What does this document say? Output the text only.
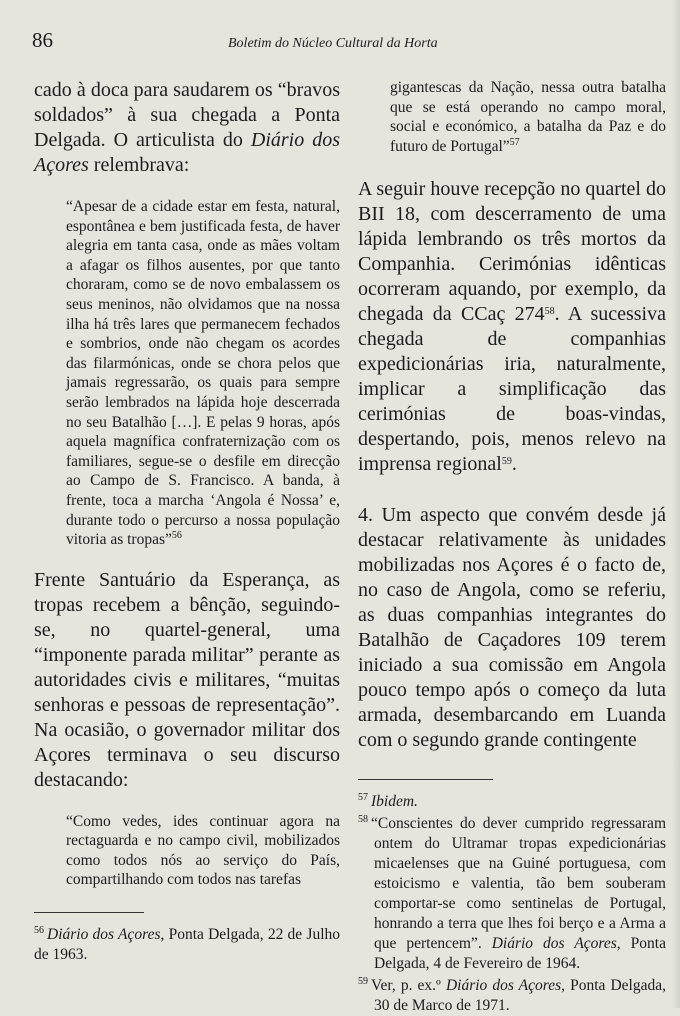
86	Boletim do Núcleo Cultural da Horta

cado à doca para saudarem os “bravos soldados” à sua chegada a Ponta Delgada. O articulista do Diário dos Açores relembrava:

“Apesar de a cidade estar em festa, natural, espontânea e bem justificada festa, de haver alegria em tanta casa, onde as mães voltam a afagar os filhos ausentes, por que tanto choraram, como se de novo embalassem os seus meninos, não olvidamos que na nossa ilha há três lares que permanecem fechados e sombrios, onde não chegam os acordes das filarmónicas, onde se chora pelos que jamais regressarão, os quais para sempre serão lembrados na lápida hoje descerrada no seu Batalhão […]. E pelas 9 horas, após aquela magnífica confraternização com os familiares, segue-se o desfile em direcção ao Campo de S. Francisco. A banda, à frente, toca a marcha ‘Angola é Nossa’ e, durante todo o percurso a nossa população vitoria as tropas”$^{56}$

Frente Santuário da Esperança, as tropas recebem a bênção, seguindo-se, no quartel-general, uma “imponente parada militar” perante as autoridades civis e militares, “muitas senhoras e pessoas de representação”. Na ocasião, o governador militar dos Açores terminava o seu discurso destacando:

“Como vedes, ides continuar agora na rectaguarda e no campo civil, mobilizados como todos nós ao serviço do País, compartilhando com todos nas tarefas

$^{56}$ Diário dos Açores, Ponta Delgada, 22 de Julho de 1963.

gigantescas da Nação, nessa outra batalha que se está operando no campo moral, social e económico, a batalha da Paz e do futuro de Portugal”$^{57}$

A seguir houve recepção no quartel do BII 18, com descerramento de uma lápida lembrando os três mortos da Companhia. Cerimónias idênticas ocorreram aquando, por exemplo, da chegada da CCaç $274^{58}$. A sucessiva chegada de companhias expedicionárias iria, naturalmente, implicar a simplificação das cerimónias de boas-vindas, despertando, pois, menos relevo na imprensa regional$^{59}$.

4. Um aspecto que convém desde já destacar relativamente às unidades mobilizadas nos Açores é o facto de, no caso de Angola, como se referiu, as duas companhias integrantes do Batalhão de Caçadores 109 terem iniciado a sua comissão em Angola pouco tempo após o começo da luta armada, desembarcando em Luanda com o segundo grande contingente

$^{57}$ Ibidem.

$^{58}$ “Conscientes do dever cumprido regressaram ontem do Ultramar tropas expedicionárias micaelenses que na Guiné portuguesa, com estoicismo e valentia, tão bem souberam comportar-se como sentinelas de Portugal, honrando a terra que lhes foi berço e a Arma a que pertencem”. Diário dos Açores, Ponta Delgada, 4 de Fevereiro de 1964.

$^{59}$ Ver, p. ex.º Diário dos Açores, Ponta Delgada, 30 de Marco de 1971.
